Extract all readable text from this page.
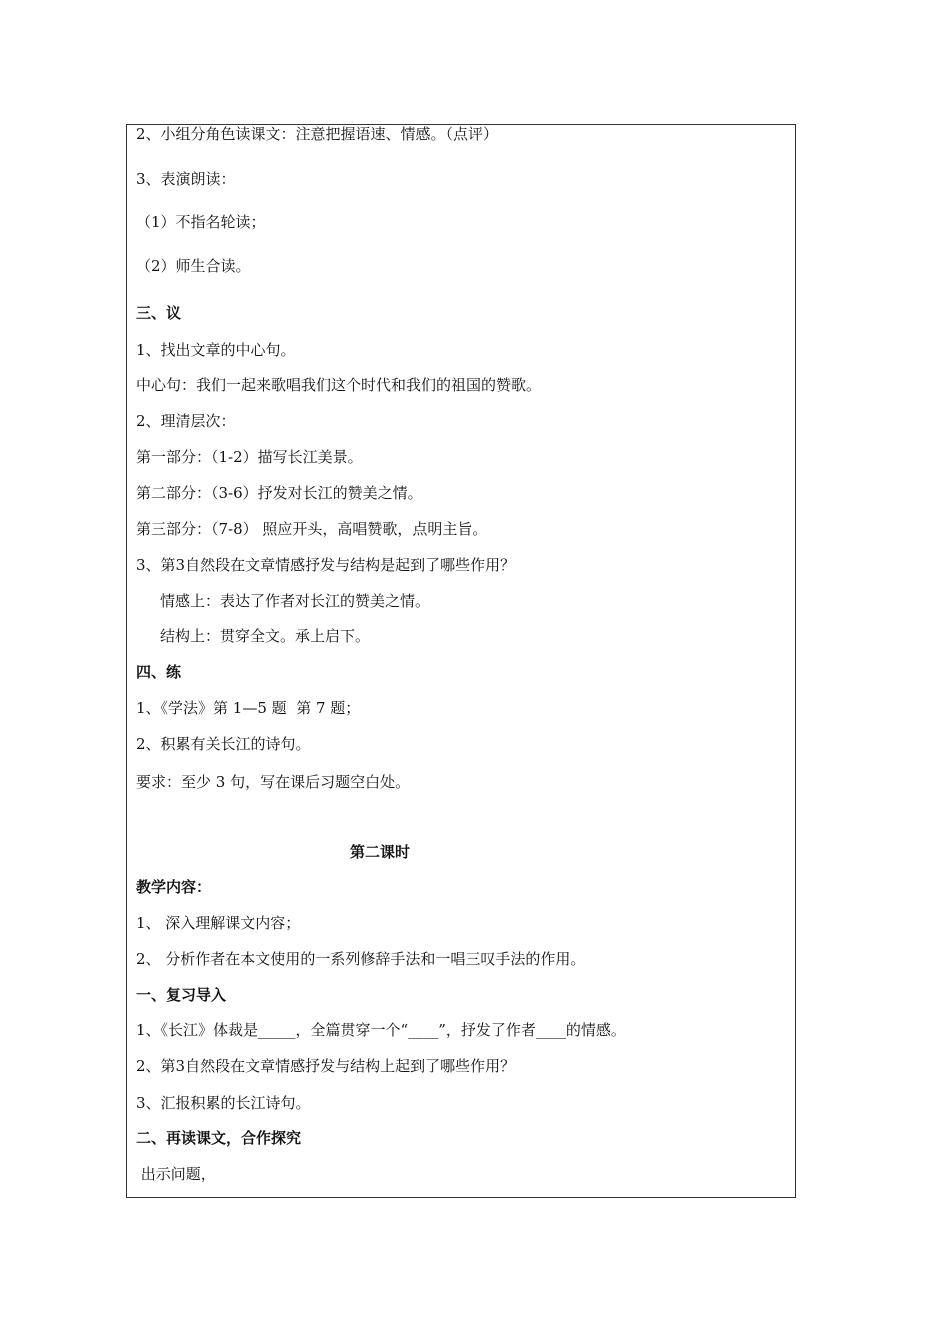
2、小组分角色读课文：注意把握语速、情感。（点评）
3、表演朗读：
（1）不指名轮读；
（2）师生合读。
三、议
1、找出文章的中心句。
中心句：我们一起来歌唱我们这个时代和我们的祖国的赞歌。
2、理清层次：
第一部分：（1-2）描写长江美景。
第二部分：（3-6）抒发对长江的赞美之情。
第三部分：（7-8） 照应开头，高唱赞歌，点明主旨。
3、第3自然段在文章情感抒发与结构是起到了哪些作用？
情感上：表达了作者对长江的赞美之情。
结构上：贯穿全文。承上启下。
四、练
1、《学法》第 1—5 题  第 7 题；
2、积累有关长江的诗句。
要求：至少 3 句，写在课后习题空白处。
第二课时
教学内容：
1、 深入理解课文内容；
2、 分析作者在本文使用的一系列修辞手法和一唱三叹手法的作用。
一、复习导入
1、《长江》体裁是_____，全篇贯穿一个“____”，抒发了作者____的情感。
2、第3自然段在文章情感抒发与结构上起到了哪些作用？
3、汇报积累的长江诗句。
二、再读课文，合作探究
出示问题，
